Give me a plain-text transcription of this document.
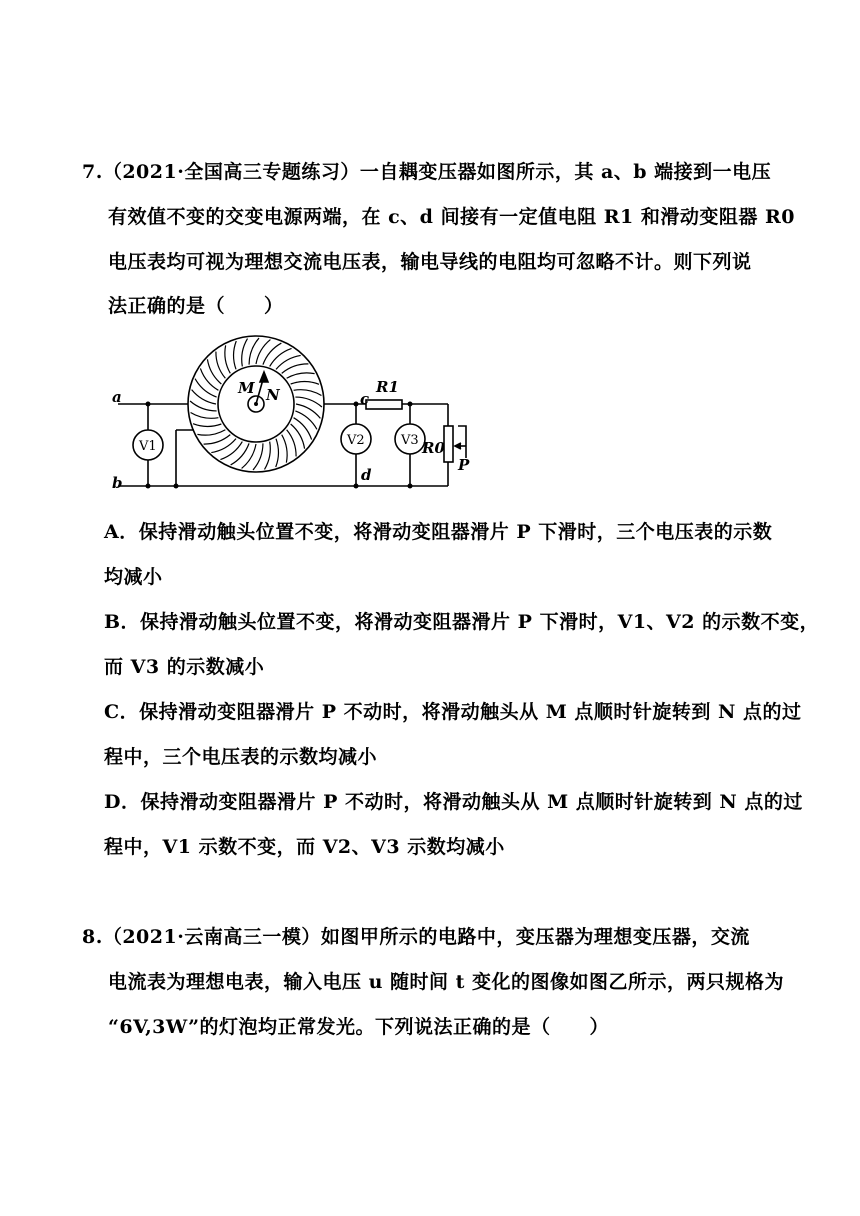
7.（2021·全国高三专题练习）一自耦变压器如图所示，其 a、b 端接到一电压
有效值不变的交变电源两端，在 c、d 间接有一定值电阻 R1 和滑动变阻器 R0
电压表均可视为理想交流电压表，输电导线的电阻均可忽略不计。则下列说
法正确的是（　　）
a
b
c
d
M N	R1
R0
P
V1	V2	V3
A．保持滑动触头位置不变，将滑动变阻器滑片 P 下滑时，三个电压表的示数
均减小
B．保持滑动触头位置不变，将滑动变阻器滑片 P 下滑时，V1、V2 的示数不变，
而 V3 的示数减小
C．保持滑动变阻器滑片 P 不动时，将滑动触头从 M 点顺时针旋转到 N 点的过
程中，三个电压表的示数均减小
D．保持滑动变阻器滑片 P 不动时，将滑动触头从 M 点顺时针旋转到 N 点的过
程中，V1 示数不变，而 V2、V3 示数均减小
8.（2021·云南高三一模）如图甲所示的电路中，变压器为理想变压器，交流
电流表为理想电表，输入电压 u 随时间 t 变化的图像如图乙所示，两只规格为
“6V,3W”的灯泡均正常发光。下列说法正确的是（　　）
